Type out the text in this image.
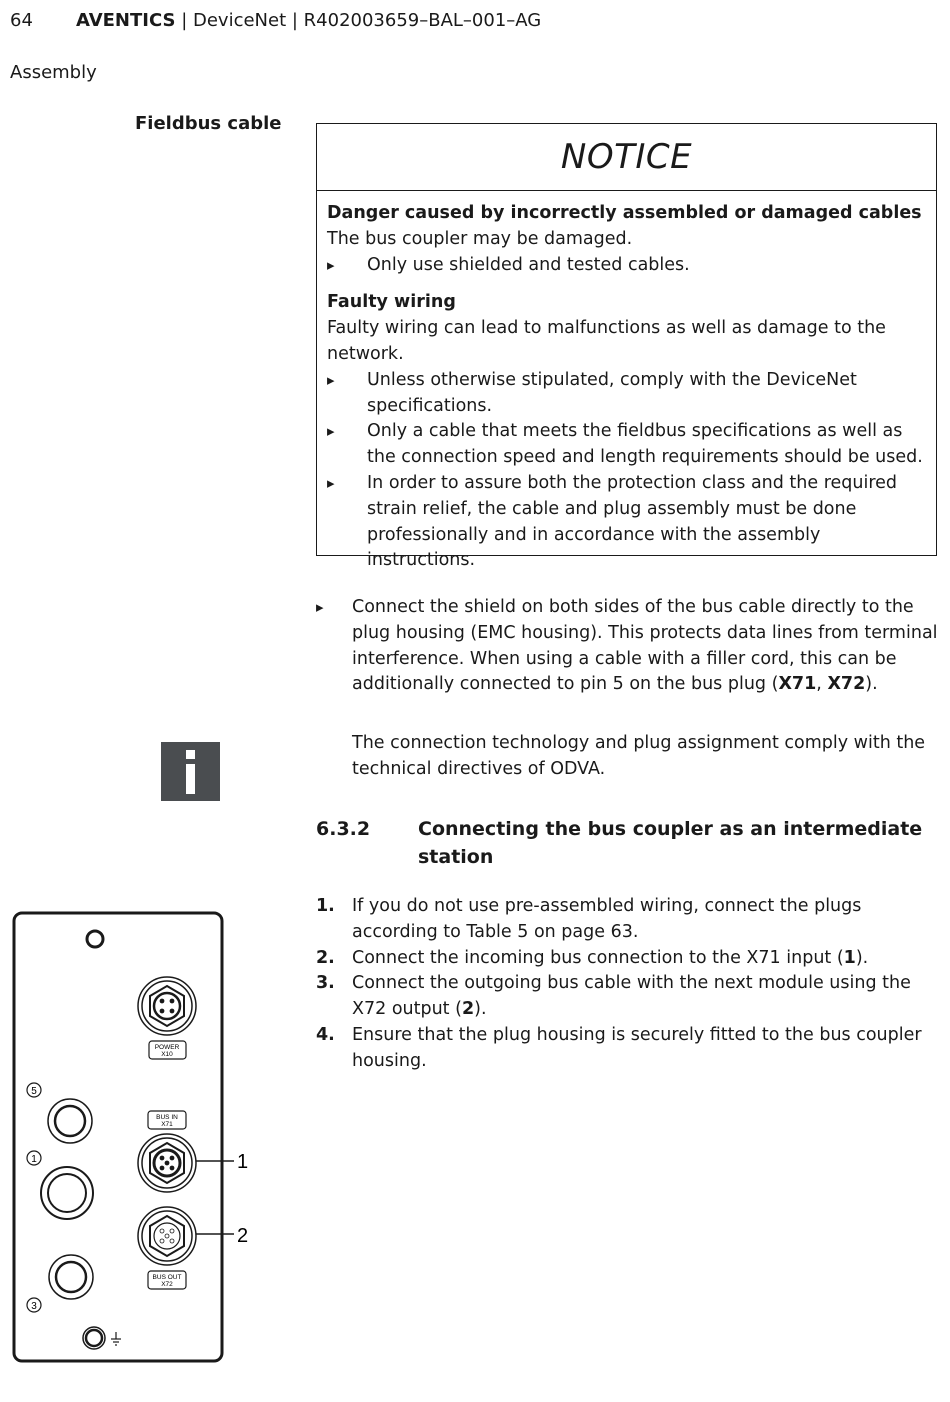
64 AVENTICS | DeviceNet | R402003659–BAL–001–AG
Assembly
Fieldbus cable
NOTICE
Danger caused by incorrectly assembled or damaged cables
The bus coupler may be damaged.
▸ Only use shielded and tested cables.
Faulty wiring
Faulty wiring can lead to malfunctions as well as damage to the network.
▸ Unless otherwise stipulated, comply with the DeviceNet specifications.
▸ Only a cable that meets the fieldbus specifications as well as the connection speed and length requirements should be used.
▸ In order to assure both the protection class and the required strain relief, the cable and plug assembly must be done professionally and in accordance with the assembly instructions.
▸ Connect the shield on both sides of the bus cable directly to the plug housing (EMC housing). This protects data lines from terminal interference. When using a cable with a filler cord, this can be additionally connected to pin 5 on the bus plug (X71, X72).
The connection technology and plug assignment comply with the technical directives of ODVA.
6.3.2	Connecting the bus coupler as an intermediate station
1. If you do not use pre-assembled wiring, connect the plugs according to Table 5 on page 63.
2. Connect the incoming bus connection to the X71 input (1).
3. Connect the outgoing bus cable with the next module using the X72 output (2).
4. Ensure that the plug housing is securely fitted to the bus coupler housing.
POWER
X10
5
1
BUS IN
X71
1
2
BUS OUT
X72
3
